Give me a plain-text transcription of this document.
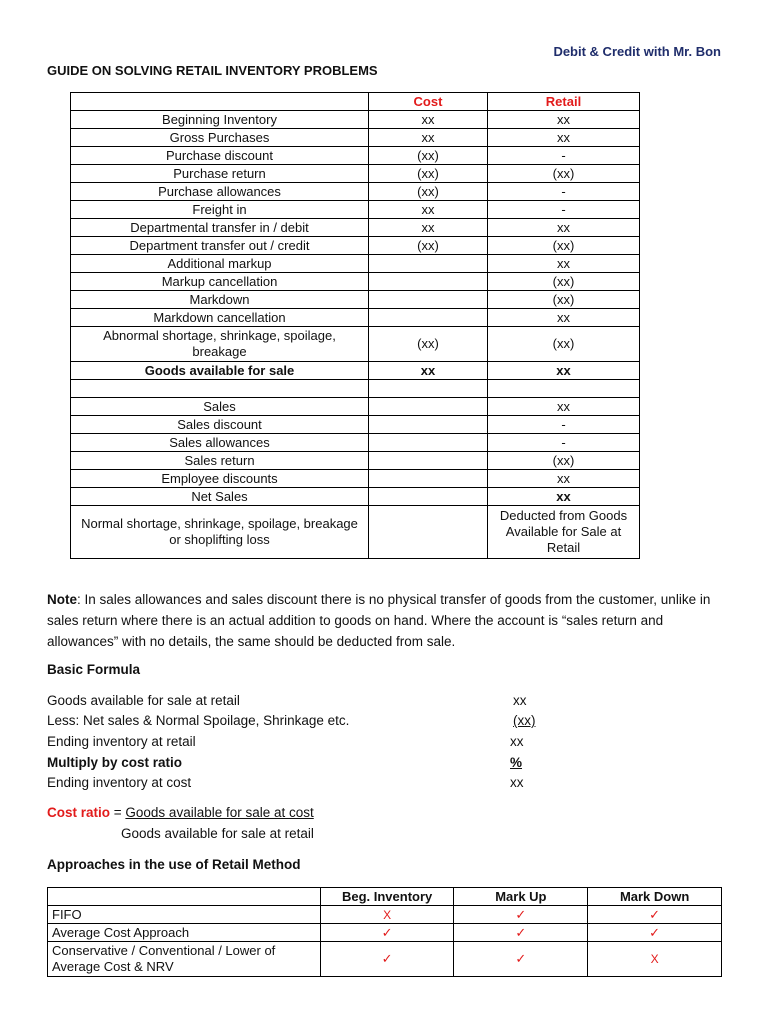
Debit & Credit with Mr. Bon
GUIDE ON SOLVING RETAIL INVENTORY PROBLEMS
	Cost	Retail
Beginning Inventory	xx	xx
Gross Purchases	xx	xx
Purchase discount	(xx)	-
Purchase return	(xx)	(xx)
Purchase allowances	(xx)	-
Freight in	xx	-
Departmental transfer in / debit	xx	xx
Department transfer out / credit	(xx)	(xx)
Additional markup		xx
Markup cancellation		(xx)
Markdown		(xx)
Markdown cancellation		xx
Abnormal shortage, shrinkage, spoilage, breakage	(xx)	(xx)
Goods available for sale	xx	xx

Sales		xx
Sales discount		-
Sales allowances		-
Sales return		(xx)
Employee discounts		xx
Net Sales		xx
Normal shortage, shrinkage, spoilage, breakage or shoplifting loss		Deducted from Goods Available for Sale at Retail
Note: In sales allowances and sales discount there is no physical transfer of goods from the customer, unlike in sales return where there is an actual addition to goods on hand. Where the account is “sales return and allowances” with no details, the same should be deducted from sale.
Basic Formula
Goods available for sale at retail	xx
Less: Net sales & Normal Spoilage, Shrinkage etc.	(xx)
Ending inventory at retail	xx
Multiply by cost ratio	%
Ending inventory at cost	xx
Cost ratio = Goods available for sale at cost
Goods available for sale at retail
Approaches in the use of Retail Method
	Beg. Inventory	Mark Up	Mark Down
FIFO	X	✓	✓
Average Cost Approach	✓	✓	✓
Conservative / Conventional / Lower of Average Cost & NRV	✓	✓	X
